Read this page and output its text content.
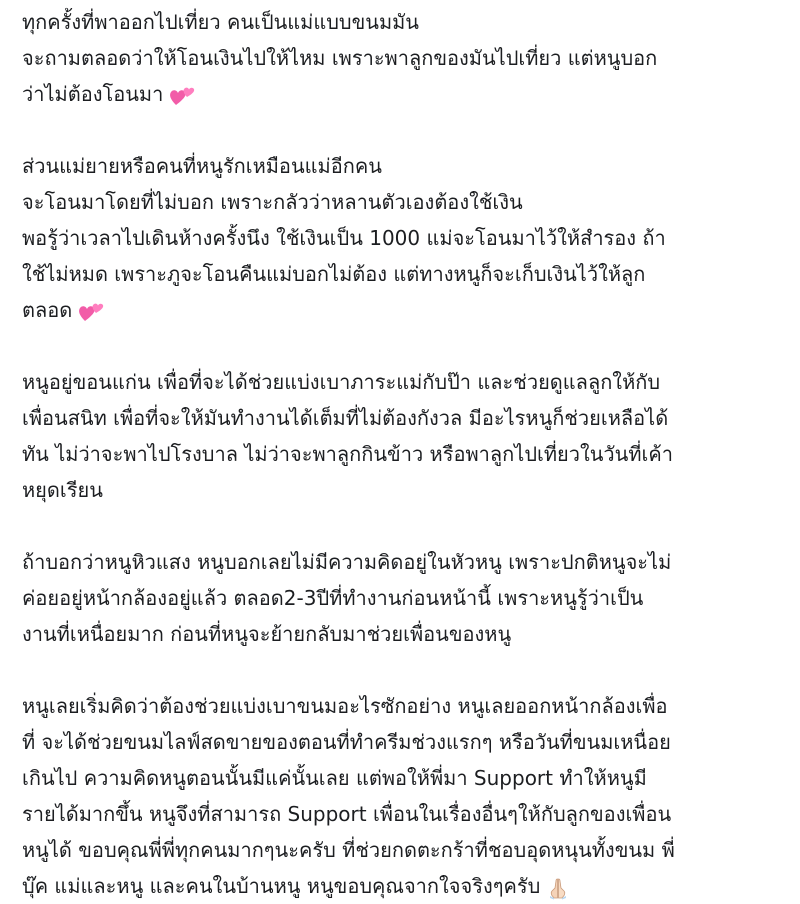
ทุกครั้งที่พาออกไปเที่ยว คนเป็นแม่แบบขนมมัน
จะถามตลอดว่าให้โอนเงินไปให้ไหม เพราะพาลูกของมันไปเที่ยว แต่หนูบอก
ว่าไม่ต้องโอนมา

ส่วนแม่ยายหรือคนที่หนูรักเหมือนแม่อีกคน
จะโอนมาโดยที่ไม่บอก เพราะกลัวว่าหลานตัวเองต้องใช้เงิน
พอรู้ว่าเวลาไปเดินห้างครั้งนึง ใช้เงินเป็น 1000 แม่จะโอนมาไว้ให้สำรอง ถ้า
ใช้ไม่หมด เพราะภูจะโอนคืนแม่บอกไม่ต้อง แต่ทางหนูก็จะเก็บเงินไว้ให้ลูก
ตลอด

หนูอยู่ขอนแก่น เพื่อที่จะได้ช่วยแบ่งเบาภาระแม่กับป๊า และช่วยดูแลลูกให้กับ
เพื่อนสนิท เพื่อที่จะให้มันทำงานได้เต็มที่ไม่ต้องกังวล มีอะไรหนูก็ช่วยเหลือได้
ทัน ไม่ว่าจะพาไปโรงบาล ไม่ว่าจะพาลูกกินข้าว หรือพาลูกไปเที่ยวในวันที่เค้า
หยุดเรียน

ถ้าบอกว่าหนูหิวแสง หนูบอกเลยไม่มีความคิดอยู่ในหัวหนู เพราะปกติหนูจะไม่
ค่อยอยู่หน้ากล้องอยู่แล้ว ตลอด2-3ปีที่ทำงานก่อนหน้านี้ เพราะหนูรู้ว่าเป็น
งานที่เหนื่อยมาก ก่อนที่หนูจะย้ายกลับมาช่วยเพื่อนของหนู

หนูเลยเริ่มคิดว่าต้องช่วยแบ่งเบาขนมอะไรซักอย่าง หนูเลยออกหน้ากล้องเพื่อ
ที่ จะได้ช่วยขนมไลฟ์สดขายของตอนที่ทำครีมช่วงแรกๆ หรือวันที่ขนมเหนื่อย
เกินไป ความคิดหนูตอนนั้นมีแค่นั้นเลย แต่พอให้พี่มา Support ทำให้หนูมี
รายได้มากขึ้น หนูจึงที่สามารถ Support เพื่อนในเรื่องอื่นๆให้กับลูกของเพื่อน
หนูได้ ขอบคุณพี่พี่ทุกคนมากๆนะครับ ที่ช่วยกดตะกร้าที่ชอบอุดหนุนทั้งขนม พี่
บุ๊ค แม่และหนู และคนในบ้านหนู หนูขอบคุณจากใจจริงๆครับ
